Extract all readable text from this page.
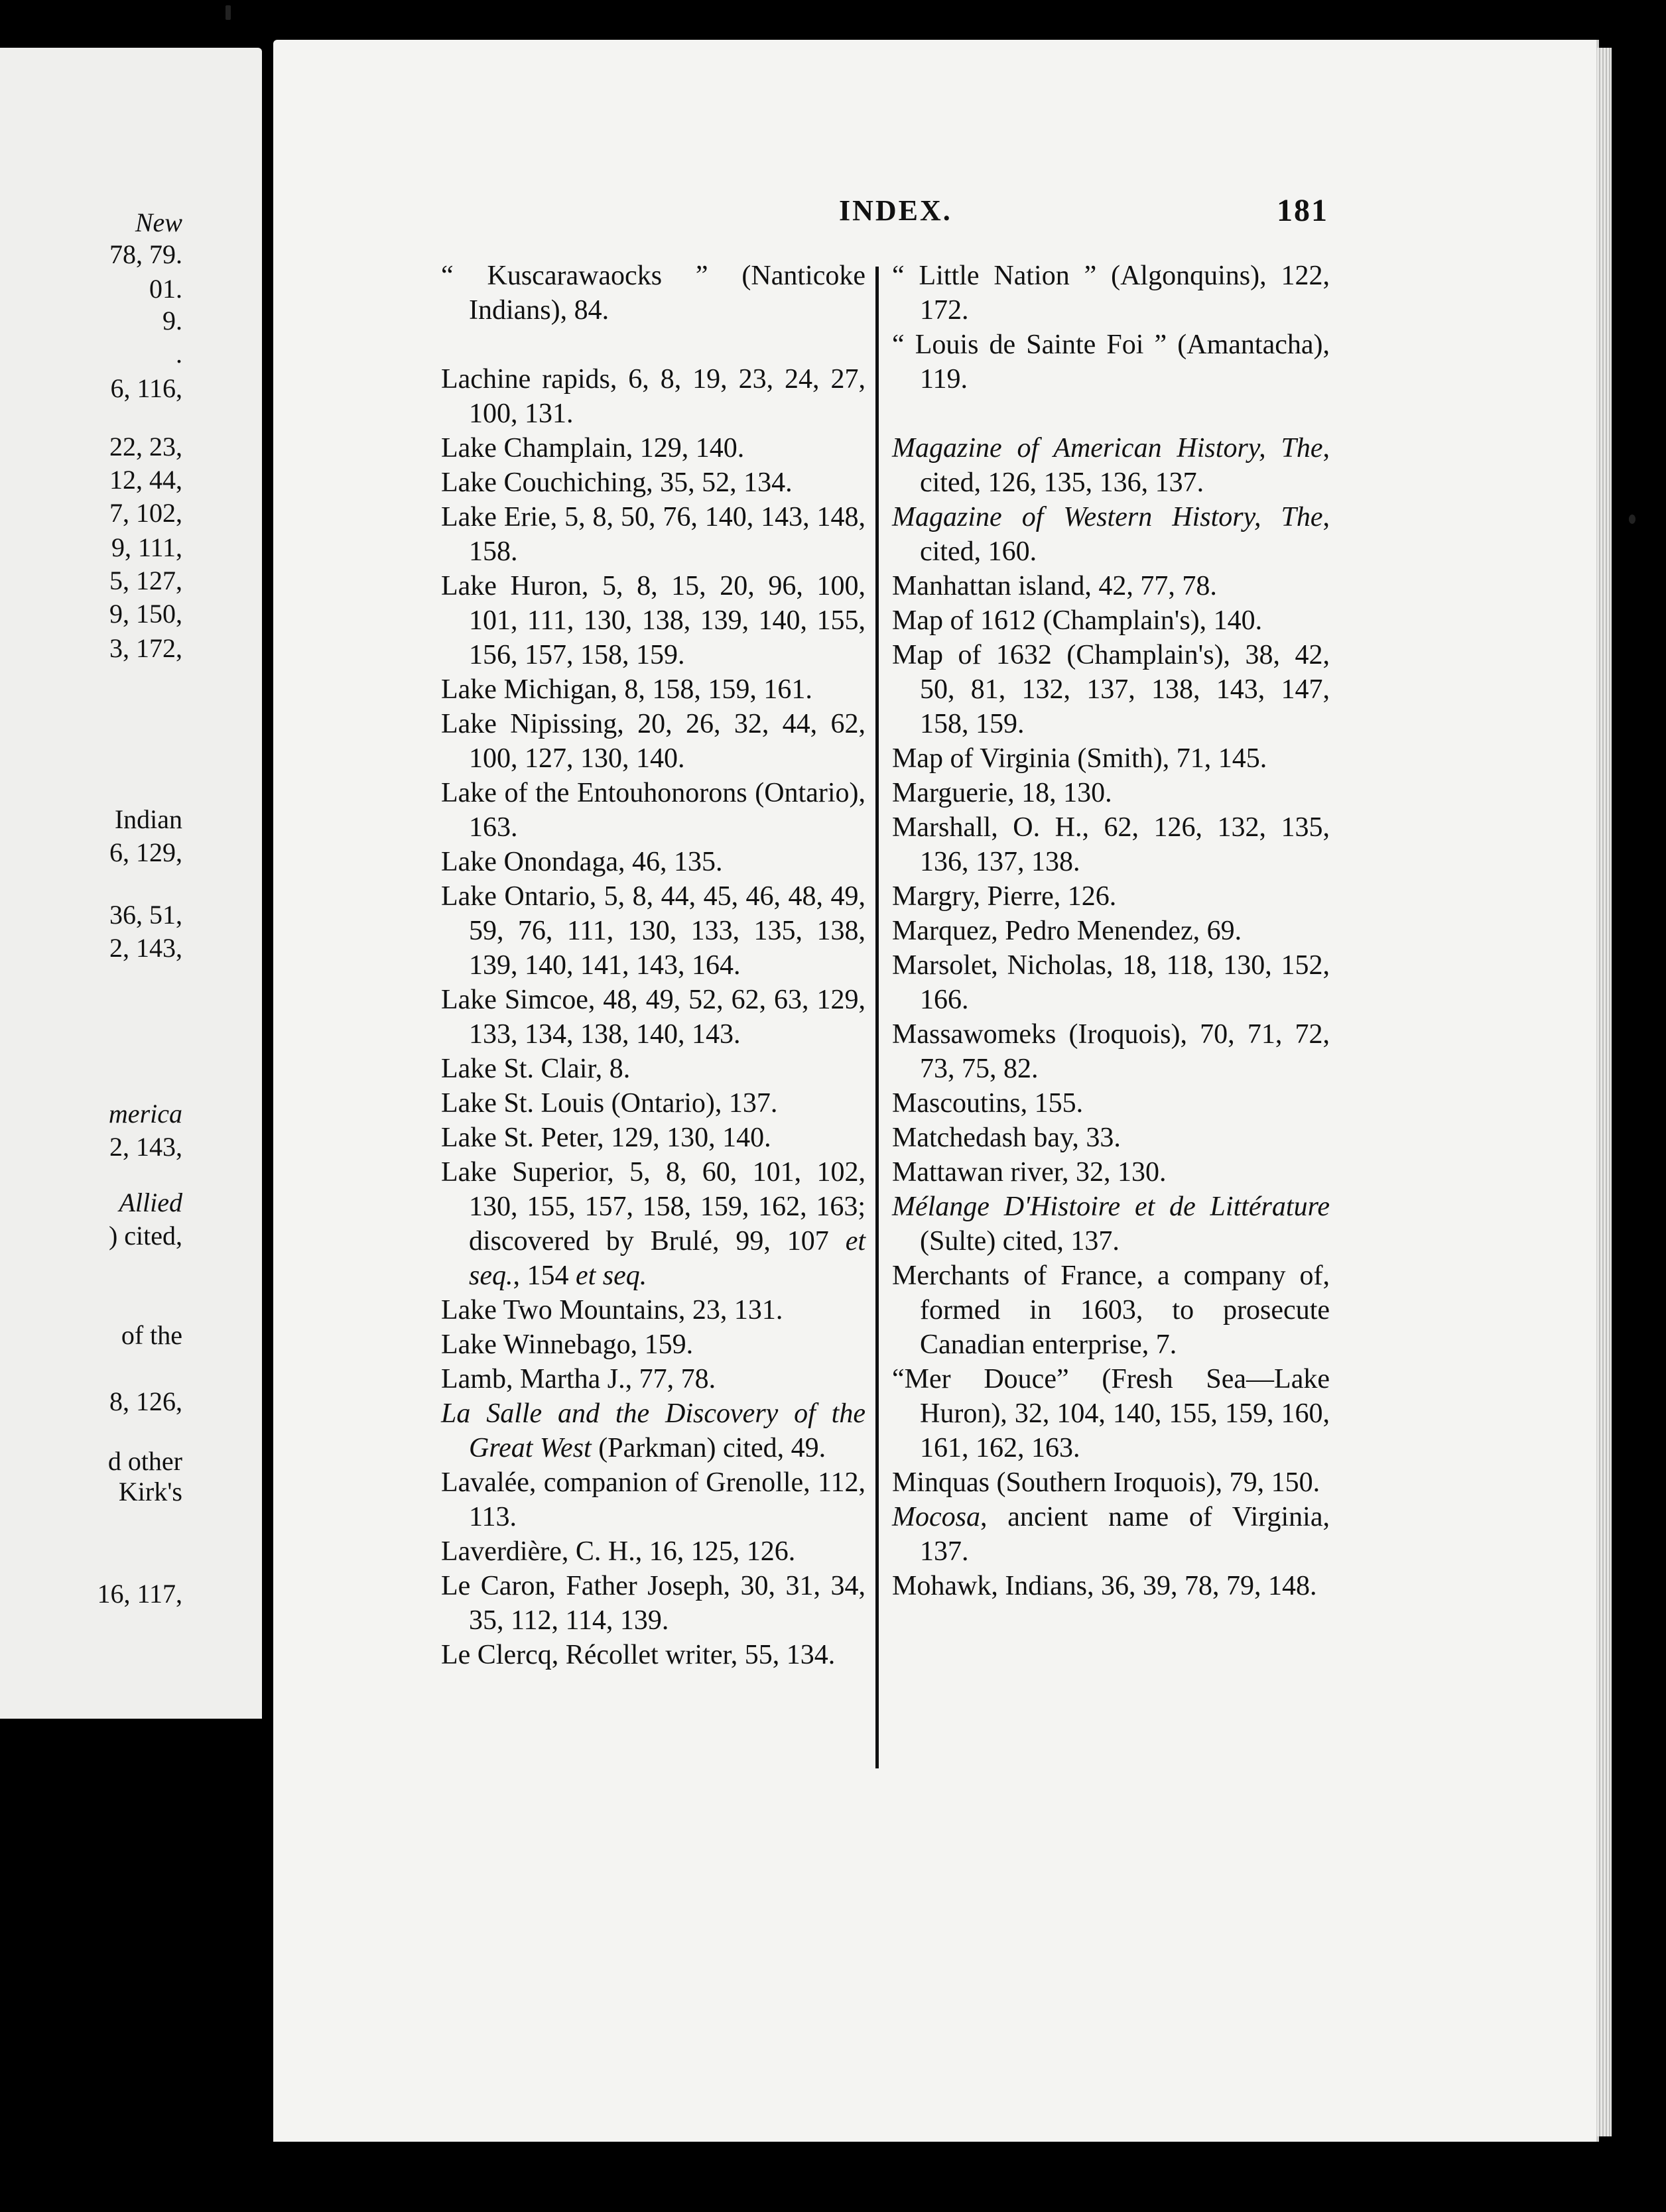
New
78, 79.
01.
9.
.
6, 116,
22, 23,
12, 44,
7, 102,
9, 111,
5, 127,
9, 150,
3, 172,
Indian
6, 129,
36, 51,
2, 143,
merica
2, 143,
Allied
) cited,
of the
8, 126,
d other
Kirk's
16, 117,
INDEX.	181

“ Kuscarawaocks ” (Nanticoke Indians), 84.

Lachine rapids, 6, 8, 19, 23, 24, 27, 100, 131.

Lake Champlain, 129, 140.

Lake Couchiching, 35, 52, 134.

Lake Erie, 5, 8, 50, 76, 140, 143, 148, 158.

Lake Huron, 5, 8, 15, 20, 96, 100, 101, 111, 130, 138, 139, 140, 155, 156, 157, 158, 159.

Lake Michigan, 8, 158, 159, 161.

Lake Nipissing, 20, 26, 32, 44, 62, 100, 127, 130, 140.

Lake of the Entouhonorons (Ontario), 163.

Lake Onondaga, 46, 135.

Lake Ontario, 5, 8, 44, 45, 46, 48, 49, 59, 76, 111, 130, 133, 135, 138, 139, 140, 141, 143, 164.

Lake Simcoe, 48, 49, 52, 62, 63, 129, 133, 134, 138, 140, 143.

Lake St. Clair, 8.

Lake St. Louis (Ontario), 137.

Lake St. Peter, 129, 130, 140.

Lake Superior, 5, 8, 60, 101, 102, 130, 155, 157, 158, 159, 162, 163; discovered by Brulé, 99, 107 et seq., 154 et seq.

Lake Two Mountains, 23, 131.

Lake Winnebago, 159.

Lamb, Martha J., 77, 78.

La Salle and the Discovery of the Great West (Parkman) cited, 49.

Lavalée, companion of Grenolle, 112, 113.

Laverdière, C. H., 16, 125, 126.

Le Caron, Father Joseph, 30, 31, 34, 35, 112, 114, 139.

Le Clercq, Récollet writer, 55, 134.

“ Little Nation ” (Algonquins), 122, 172.

“ Louis de Sainte Foi ” (Amantacha), 119.

Magazine of American History, The, cited, 126, 135, 136, 137.

Magazine of Western History, The, cited, 160.

Manhattan island, 42, 77, 78.

Map of 1612 (Champlain's), 140.

Map of 1632 (Champlain's), 38, 42, 50, 81, 132, 137, 138, 143, 147, 158, 159.

Map of Virginia (Smith), 71, 145.

Marguerie, 18, 130.

Marshall, O. H., 62, 126, 132, 135, 136, 137, 138.

Margry, Pierre, 126.

Marquez, Pedro Menendez, 69.

Marsolet, Nicholas, 18, 118, 130, 152, 166.

Massawomeks (Iroquois), 70, 71, 72, 73, 75, 82.

Mascoutins, 155.

Matchedash bay, 33.

Mattawan river, 32, 130.

Mélange D'Histoire et de Littérature (Sulte) cited, 137.

Merchants of France, a company of, formed in 1603, to prosecute Canadian enterprise, 7.

“Mer Douce” (Fresh Sea—Lake Huron), 32, 104, 140, 155, 159, 160, 161, 162, 163.

Minquas (Southern Iroquois), 79, 150.

Mocosa, ancient name of Virginia, 137.

Mohawk, Indians, 36, 39, 78, 79, 148.
